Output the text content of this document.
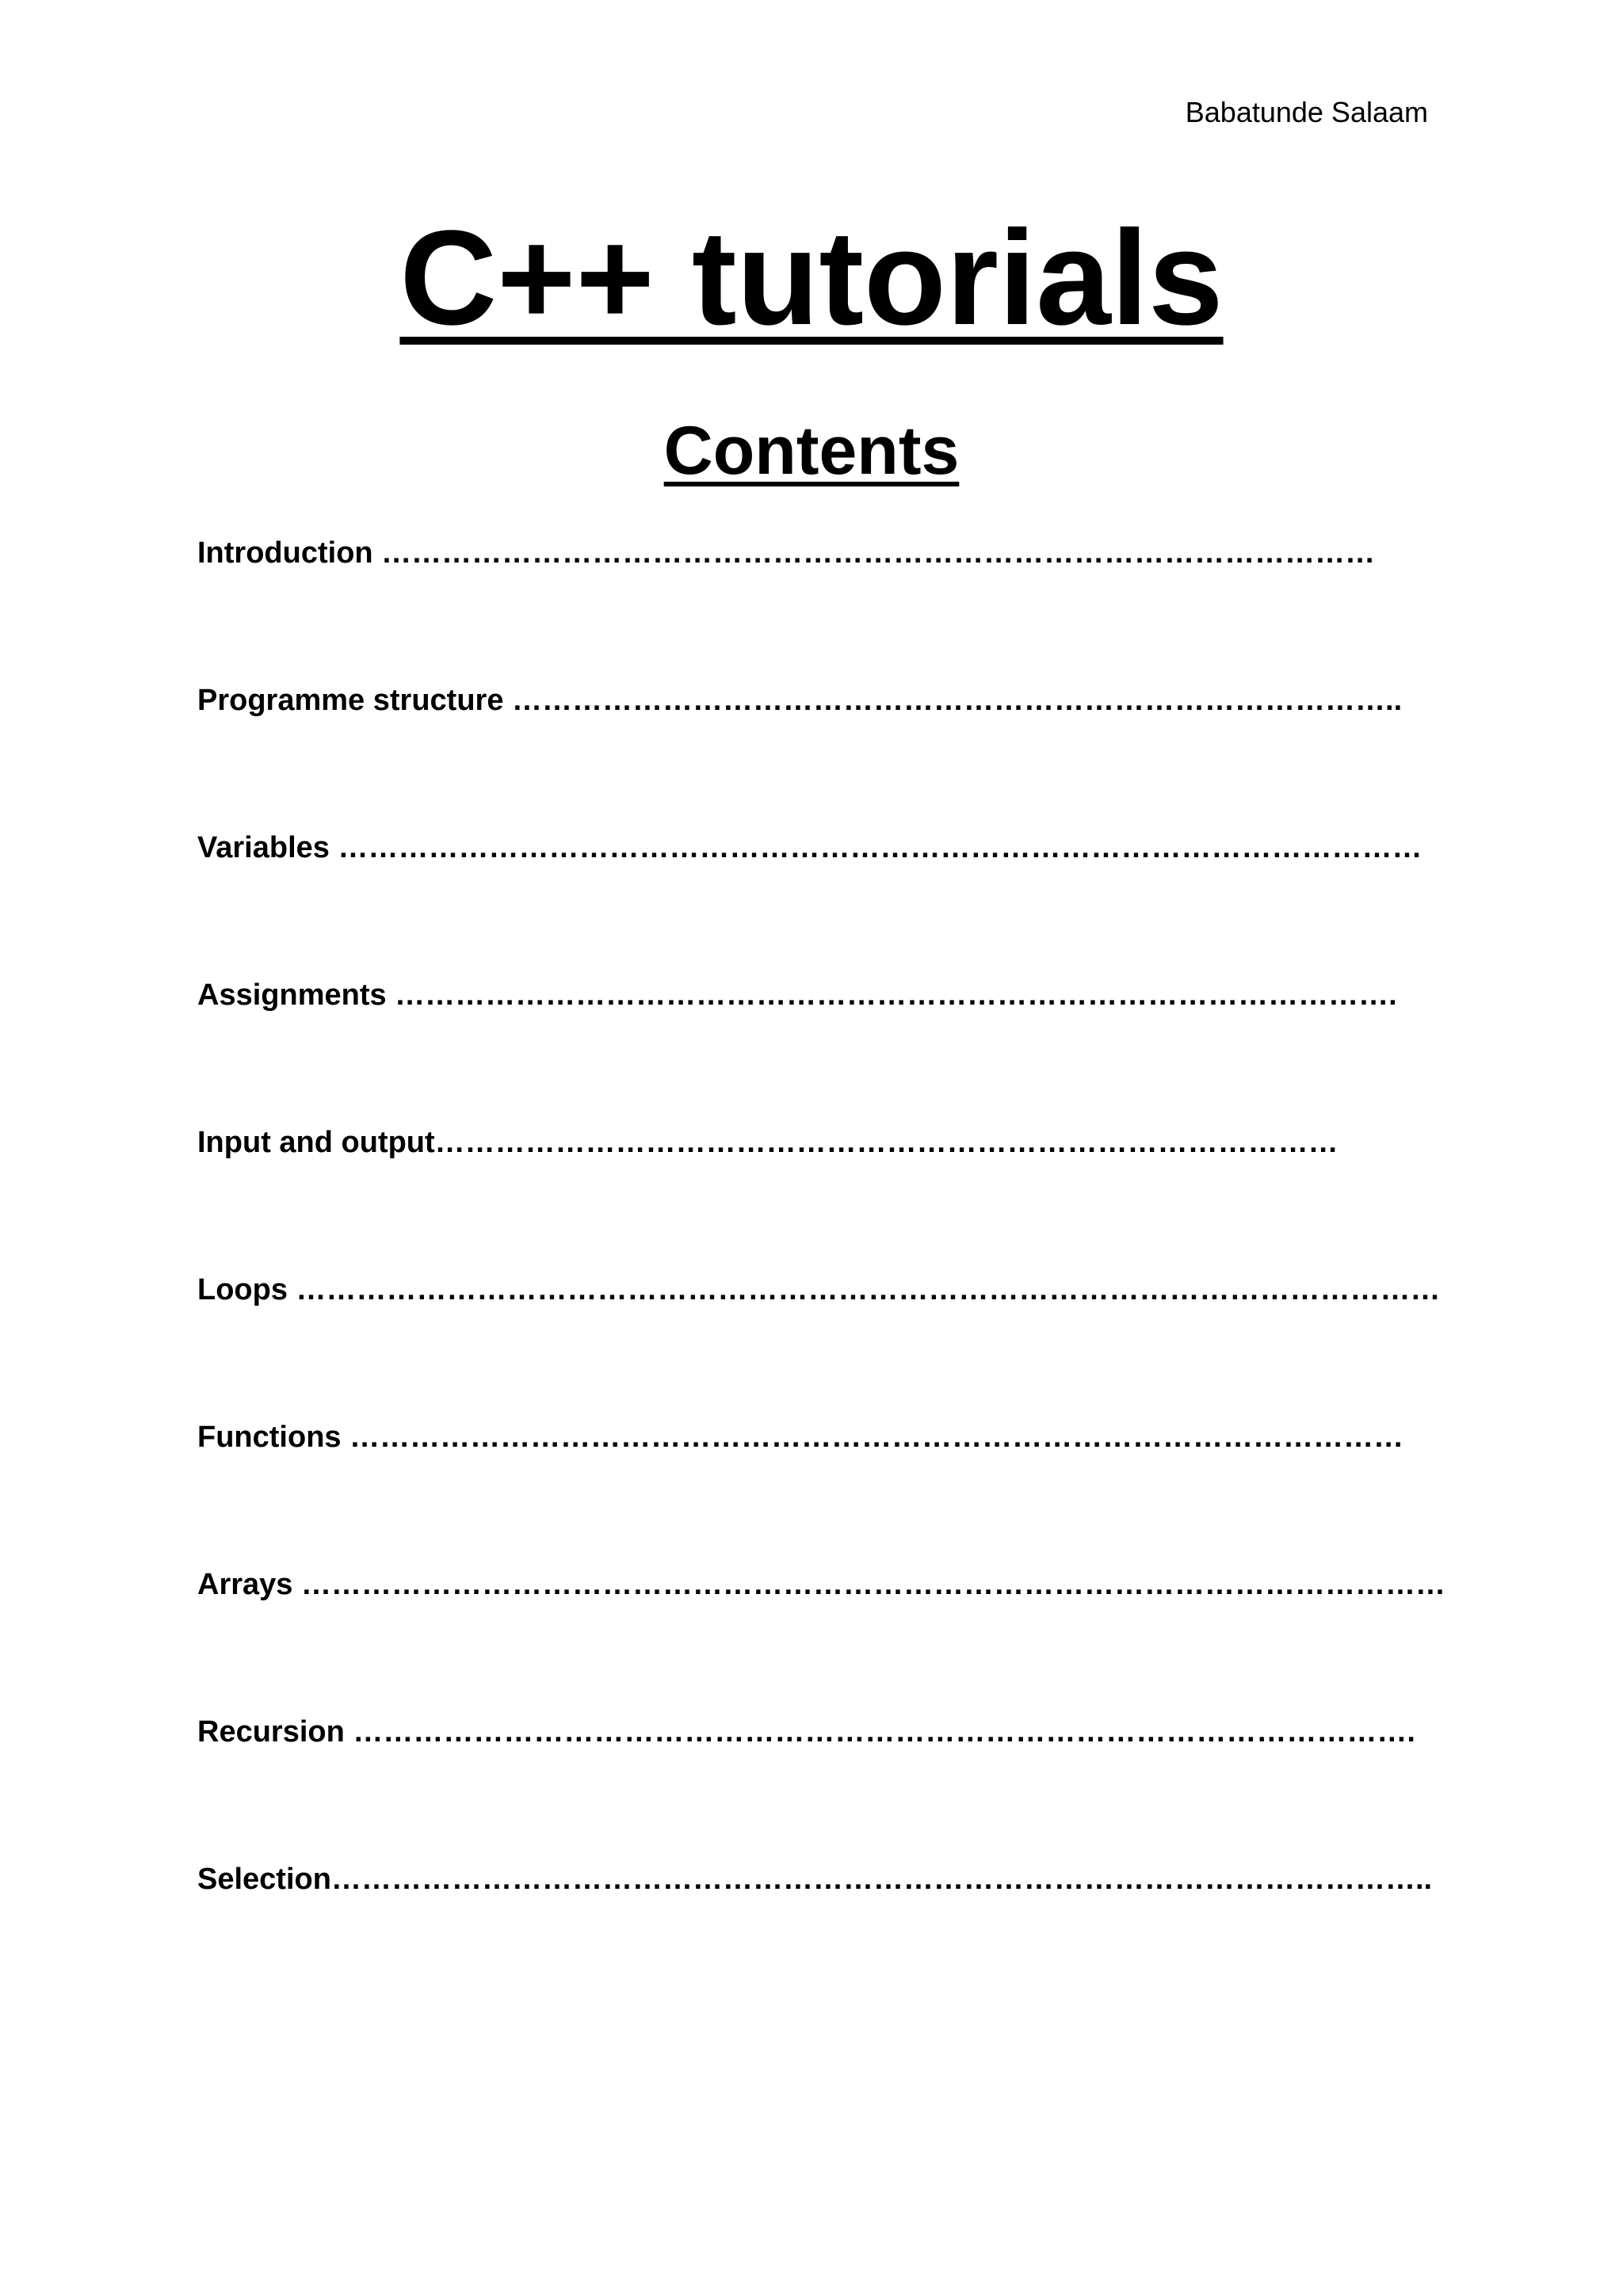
Babatunde Salaam
C++ tutorials
Contents
Introduction ………………………………………………………………………………………
Programme structure ……………………………………………………………………………..
Variables ………………………………………………………………………………………………
Assignments ……………………………………………………………………………………….
Input and output………………………………………………………………………………
Loops ……………………………………………………………………………………………………
Functions ……………………………………………………………………………………………
Arrays ……………………………………………………………………………………………………
Recursion …………………………………………………………………………………………….
Selection………………………………………………………………………………………………..
